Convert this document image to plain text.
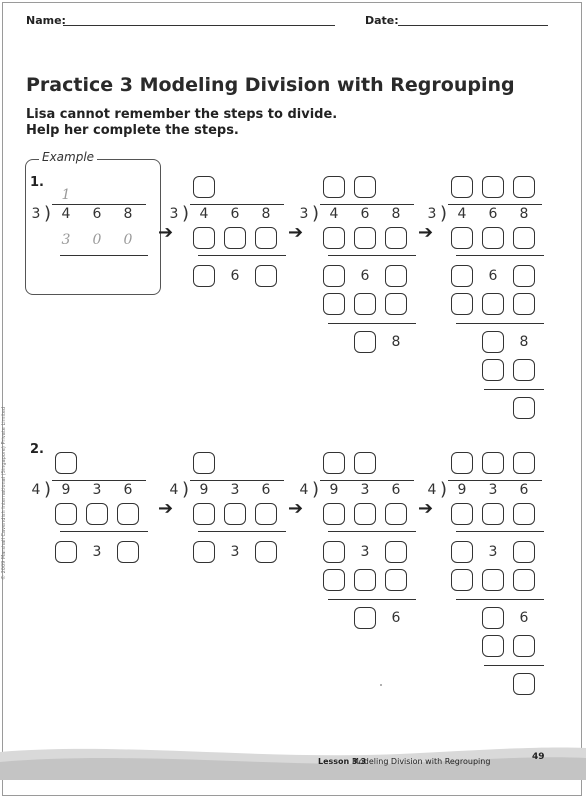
Name:	Date:
Practice 3 Modeling Division with Regrouping
Lisa cannot remember the steps to divide.
Help her complete the steps.
Example
1.
3 ) 4 6 8
1
3 0 0
3 ) 4 6 8
6
3 ) 4 6 8
6
8
3 ) 4 6 8
6
8
➔	➔	➔
2.
4 ) 9 3 6
3
4 ) 9 3 6
3
4 ) 9 3 6
3
6
4 ) 9 3 6
3
6
➔	➔	➔
© 2009 Marshall Cavendish International (Singapore) Private Limited
Lesson 3.3
Modeling Division with Regrouping	49
